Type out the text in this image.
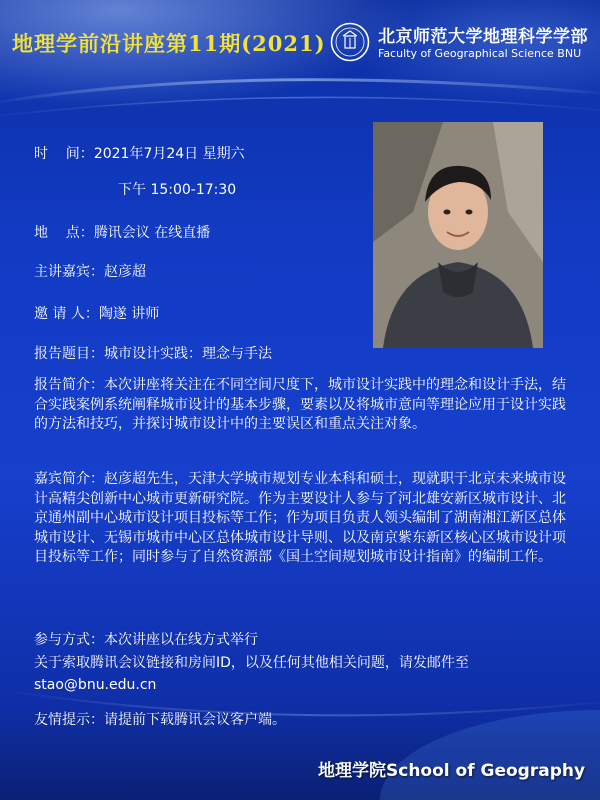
地理学前沿讲座第11期(2021)	北京师范大学地理科学学部
Faculty of Geographical Science BNU
时    间：2021年7月24日 星期六
下午 15:00-17:30
地    点：腾讯会议 在线直播
主讲嘉宾：赵彦超
邀 请 人：陶遂 讲师
报告题目：城市设计实践：理念与手法
报告简介：本次讲座将关注在不同空间尺度下，城市设计实践中的理念和设计手法，结合实践案例系统阐释城市设计的基本步骤，要素以及将城市意向等理论应用于设计实践的方法和技巧，并探讨城市设计中的主要误区和重点关注对象。
嘉宾简介：赵彦超先生，天津大学城市规划专业本科和硕士，现就职于北京未来城市设计高精尖创新中心城市更新研究院。作为主要设计人参与了河北雄安新区城市设计、北京通州副中心城市设计项目投标等工作；作为项目负责人领头编制了湖南湘江新区总体城市设计、无锡市城市中心区总体城市设计导则、以及南京紫东新区核心区城市设计项目投标等工作；同时参与了自然资源部《国土空间规划城市设计指南》的编制工作。
参与方式：本次讲座以在线方式举行
关于索取腾讯会议链接和房间ID，以及任何其他相关问题，请发邮件至
stao@bnu.edu.cn
友情提示：请提前下载腾讯会议客户端。
地理学院School of Geography
